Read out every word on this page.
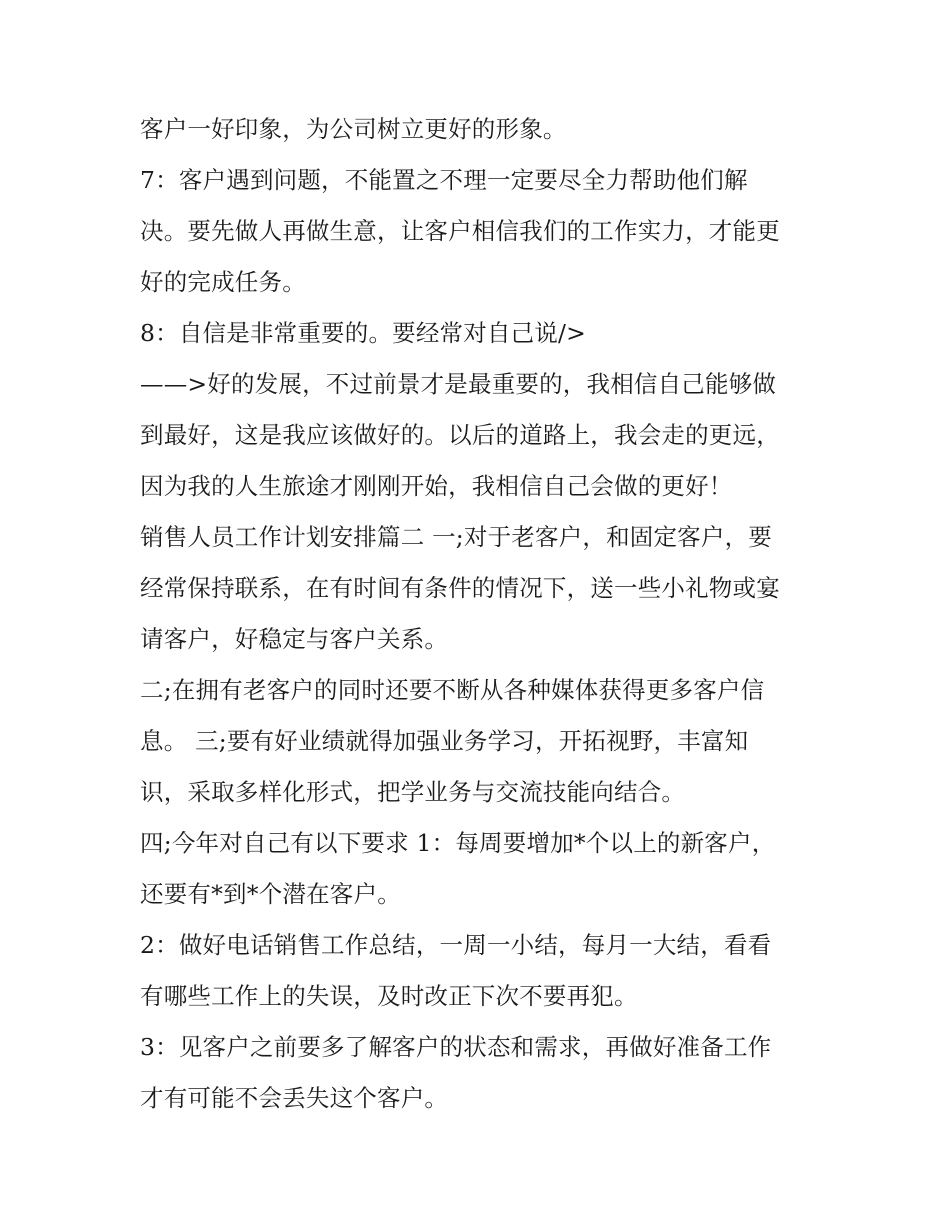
客户一好印象，为公司树立更好的形象。
7：客户遇到问题，不能置之不理一定要尽全力帮助他们解
决。要先做人再做生意，让客户相信我们的工作实力，才能更
好的完成任务。
8：自信是非常重要的。要经常对自己说/>
——>好的发展，不过前景才是最重要的，我相信自己能够做
到最好，这是我应该做好的。以后的道路上，我会走的更远，
因为我的人生旅途才刚刚开始，我相信自己会做的更好！
销售人员工作计划安排篇二 一;对于老客户，和固定客户，要
经常保持联系，在有时间有条件的情况下，送一些小礼物或宴
请客户，好稳定与客户关系。
二;在拥有老客户的同时还要不断从各种媒体获得更多客户信
息。 三;要有好业绩就得加强业务学习，开拓视野，丰富知
识，采取多样化形式，把学业务与交流技能向结合。
四;今年对自己有以下要求 1：每周要增加*个以上的新客户，
还要有*到*个潜在客户。
2：做好电话销售工作总结，一周一小结，每月一大结，看看
有哪些工作上的失误，及时改正下次不要再犯。
3：见客户之前要多了解客户的状态和需求，再做好准备工作
才有可能不会丢失这个客户。
